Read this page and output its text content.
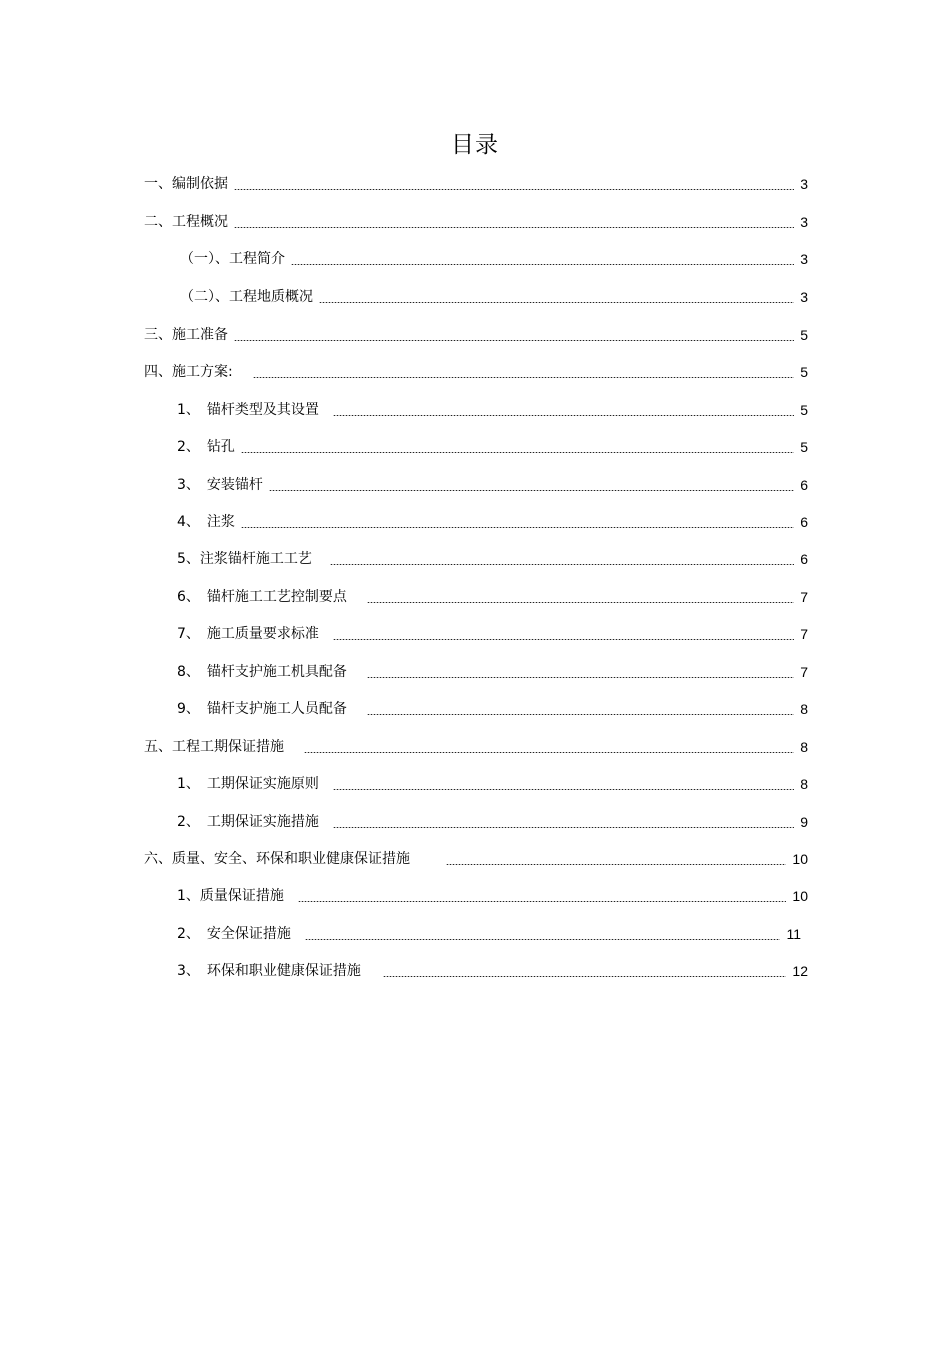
目录
一、编制依据	3
二、工程概况	3
（一）、工程简介	3
（二）、工程地质概况	3
三、施工准备	5
四、施工方案:	5
1、　锚杆类型及其设置	5
2、　钻孔	5
3、　安装锚杆	6
4、　注浆	6
5、注浆锚杆施工工艺	6
6、　锚杆施工工艺控制要点	7
7、　施工质量要求标准	7
8、　锚杆支护施工机具配备	7
9、　锚杆支护施工人员配备	8
五、工程工期保证措施	8
1、　工期保证实施原则	8
2、　工期保证实施措施	9
六、质量、安全、环保和职业健康保证措施	10
1、质量保证措施	10
2、　安全保证措施	11
3、　环保和职业健康保证措施	12
